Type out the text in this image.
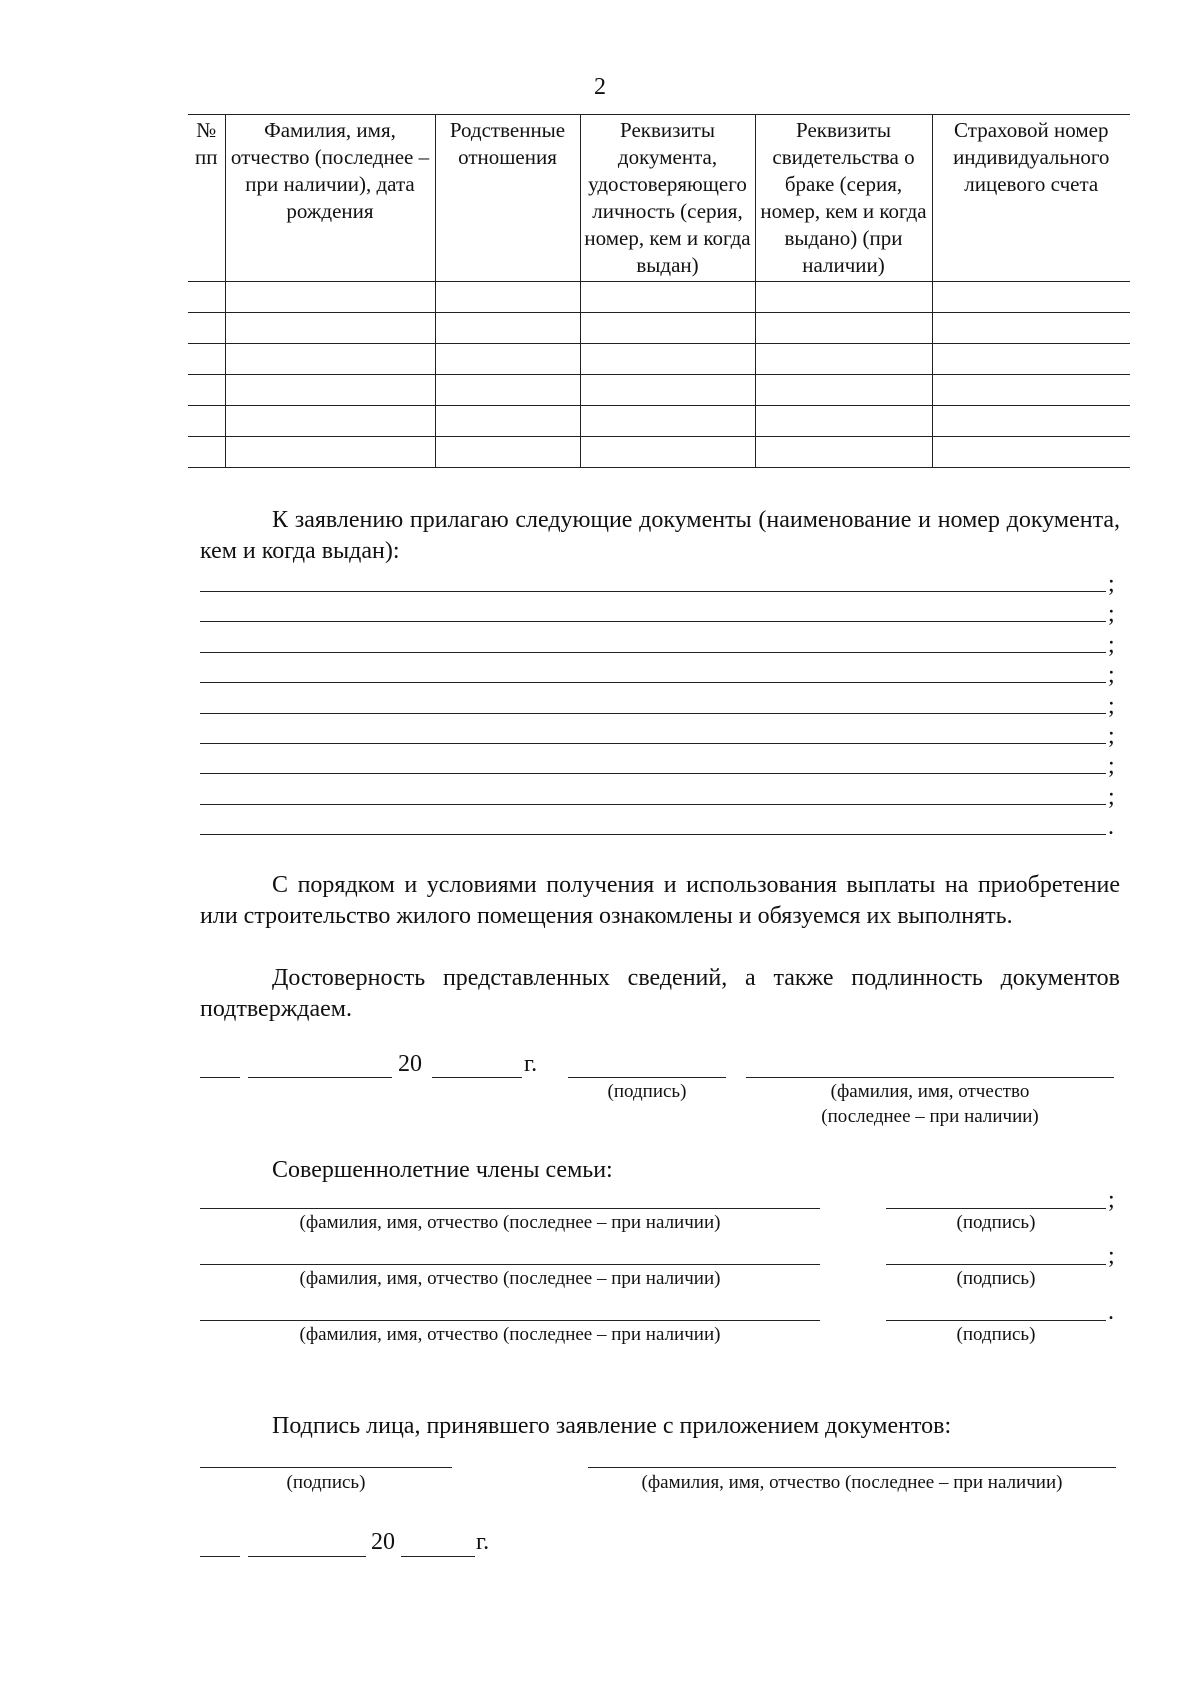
2
№ пп	Фамилия, имя, отчество (последнее – при наличии), дата рождения	Родственные отношения	Реквизиты документа, удостоверяющего личность (серия, номер, кем и когда выдан)	Реквизиты свидетельства о браке (серия, номер, кем и когда выдано) (при наличии)	Страховой номер индивидуального лицевого счета

К заявлению прилагаю следующие документы (наименование и номер документа, кем и когда выдан):

;
;
;
;
;
;
;
;
.

С порядком и условиями получения и использования выплаты на приобретение или строительство жилого помещения ознакомлены и обязуемся их выполнять.

Достоверность представленных сведений, а также подлинность документов подтверждаем.

20	г.
(подпись)	(фамилия, имя, отчество
(последнее – при наличии)
Совершеннолетние члены семьи:
(фамилия, имя, отчество (последнее – при наличии)	(подпись)
;
(фамилия, имя, отчество (последнее – при наличии)	(подпись)
;
(фамилия, имя, отчество (последнее – при наличии)	(подпись)
.
Подпись лица, принявшего заявление с приложением документов:
(подпись)	(фамилия, имя, отчество (последнее – при наличии)
20	г.
